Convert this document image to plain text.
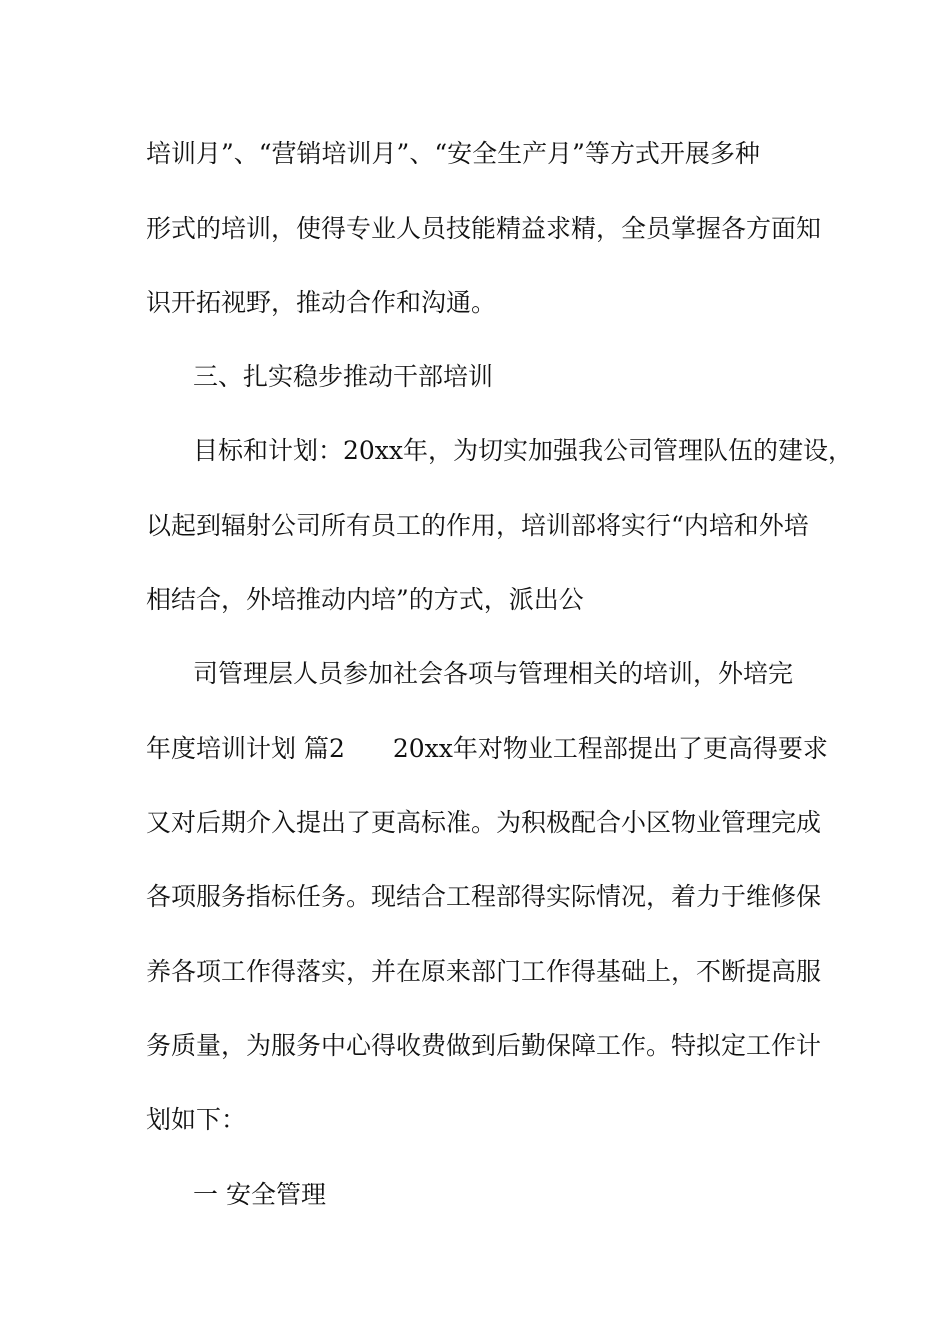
培训月”、“营销培训月”、“安全生产月”等方式开展多种
形式的培训，使得专业人员技能精益求精，全员掌握各方面知
识开拓视野，推动合作和沟通。
三、扎实稳步推动干部培训
目标和计划：20xx年，为切实加强我公司管理队伍的建设，
以起到辐射公司所有员工的作用，培训部将实行“内培和外培
相结合，外培推动内培”的方式，派出公
司管理层人员参加社会各项与管理相关的培训，外培完
年度培训计划 篇2 20xx年对物业工程部提出了更高得要求
又对后期介入提出了更高标准。为积极配合小区物业管理完成
各项服务指标任务。现结合工程部得实际情况，着力于维修保
养各项工作得落实，并在原来部门工作得基础上，不断提高服
务质量，为服务中心得收费做到后勤保障工作。特拟定工作计
划如下：
一 安全管理
